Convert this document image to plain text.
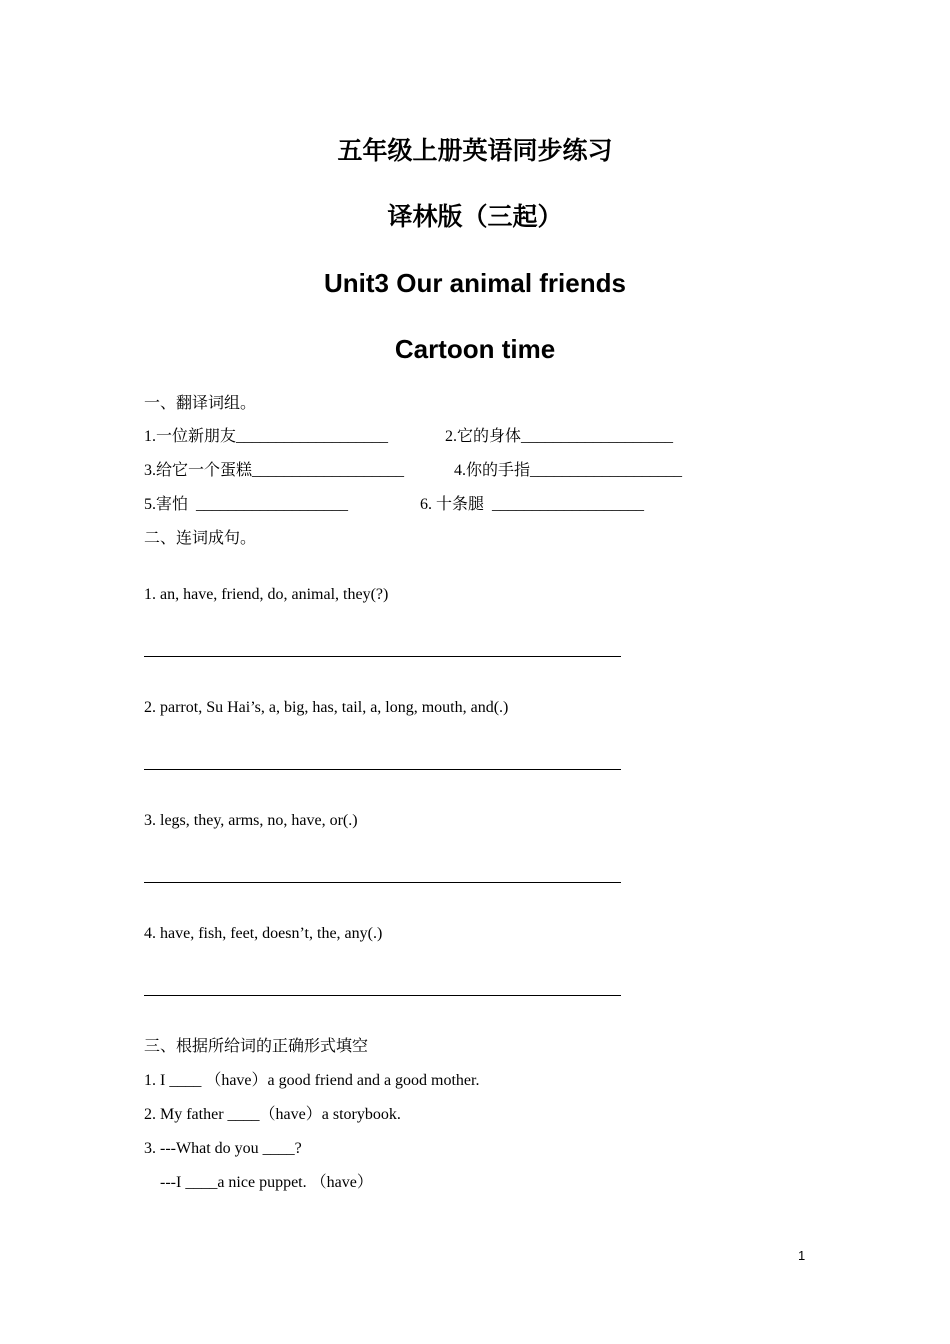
五年级上册英语同步练习
译林版（三起）
Unit3 Our animal friends
Cartoon time
一、翻译词组。
1.一位新朋友___________________	2.它的身体___________________
3.给它一个蛋糕___________________	4.你的手指___________________
5.害怕  ___________________	6. 十条腿  ___________________
二、连词成句。
1. an, have, friend, do, animal, they(?)
2. parrot, Su Hai’s, a, big, has, tail, a, long, mouth, and(.)
3. legs, they, arms, no, have, or(.)
4. have, fish, feet, doesn’t, the, any(.)
三、根据所给词的正确形式填空
1. I ____ （have）a good friend and a good mother.
2. My father ____（have）a storybook.
3. ---What do you ____?
---I ____a nice puppet. （have）
1
